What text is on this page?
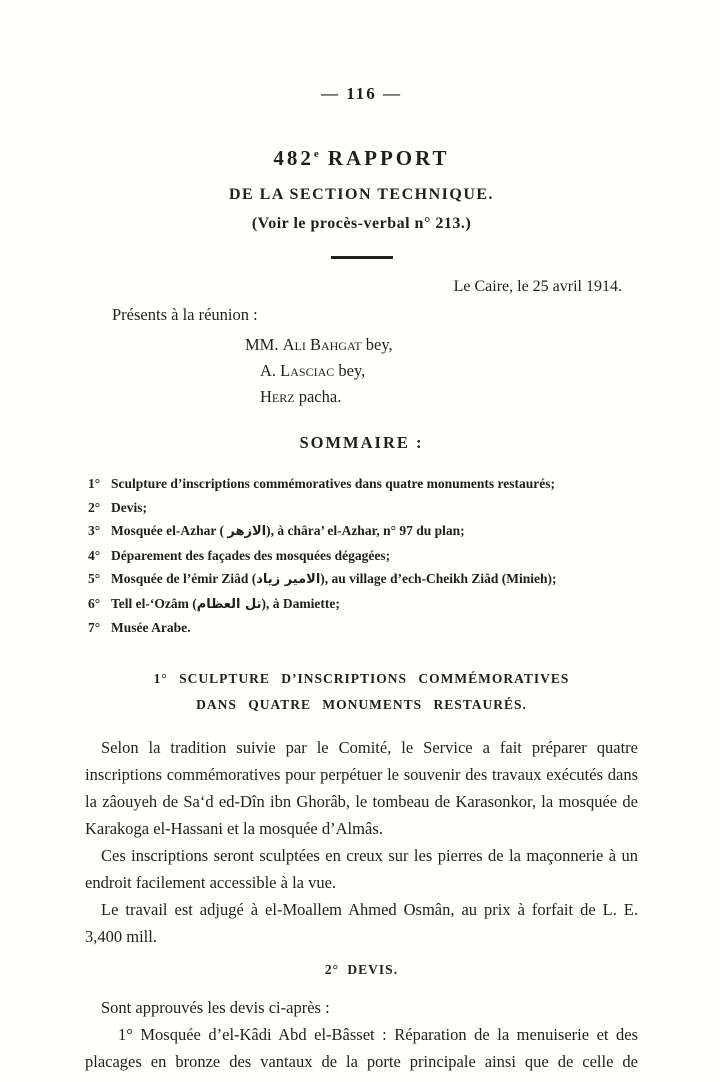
— 116 —
482e RAPPORT
DE LA SECTION TECHNIQUE.
(Voir le procès-verbal n° 213.)
Le Caire, le 25 avril 1914.
Présents à la réunion :
MM. Ali Bahgat bey,
A. Lasciac bey,
Herz pacha.
SOMMAIRE :
1° Sculpture d’inscriptions commémoratives dans quatre monuments restaurés;
2° Devis;
3° Mosquée el-Azhar ( الازهر), à châra’ el-Azhar, n° 97 du plan;
4° Déparement des façades des mosquées dégagées;
5° Mosquée de l’émir Ziâd (الامير زياد), au village d’ech-Cheikh Ziâd (Minieh);
6° Tell el-‘Ozâm (تل العظام), à Damiette;
7° Musée Arabe.
1° SCULPTURE D’INSCRIPTIONS COMMÉMORATIVES
DANS QUATRE MONUMENTS RESTAURÉS.

Selon la tradition suivie par le Comité, le Service a fait préparer quatre inscriptions commémoratives pour perpétuer le souvenir des travaux exécutés dans la zâouyeh de Sa‘d ed-Dîn ibn Ghorâb, le tombeau de Karasonkor, la mosquée de Karakoga el-Hassani et la mosquée d’Almâs.

Ces inscriptions seront sculptées en creux sur les pierres de la maçonnerie à un endroit facilement accessible à la vue.

Le travail est adjugé à el-Moallem Ahmed Osmân, au prix à forfait de L. E. 3,400 mill.

2° DEVIS.

Sont approuvés les devis ci-après :

1° Mosquée d’el-Kâdi Abd el-Bâsset : Réparation de la menuiserie et des placages en bronze des vantaux de la porte principale ainsi que de celle de
